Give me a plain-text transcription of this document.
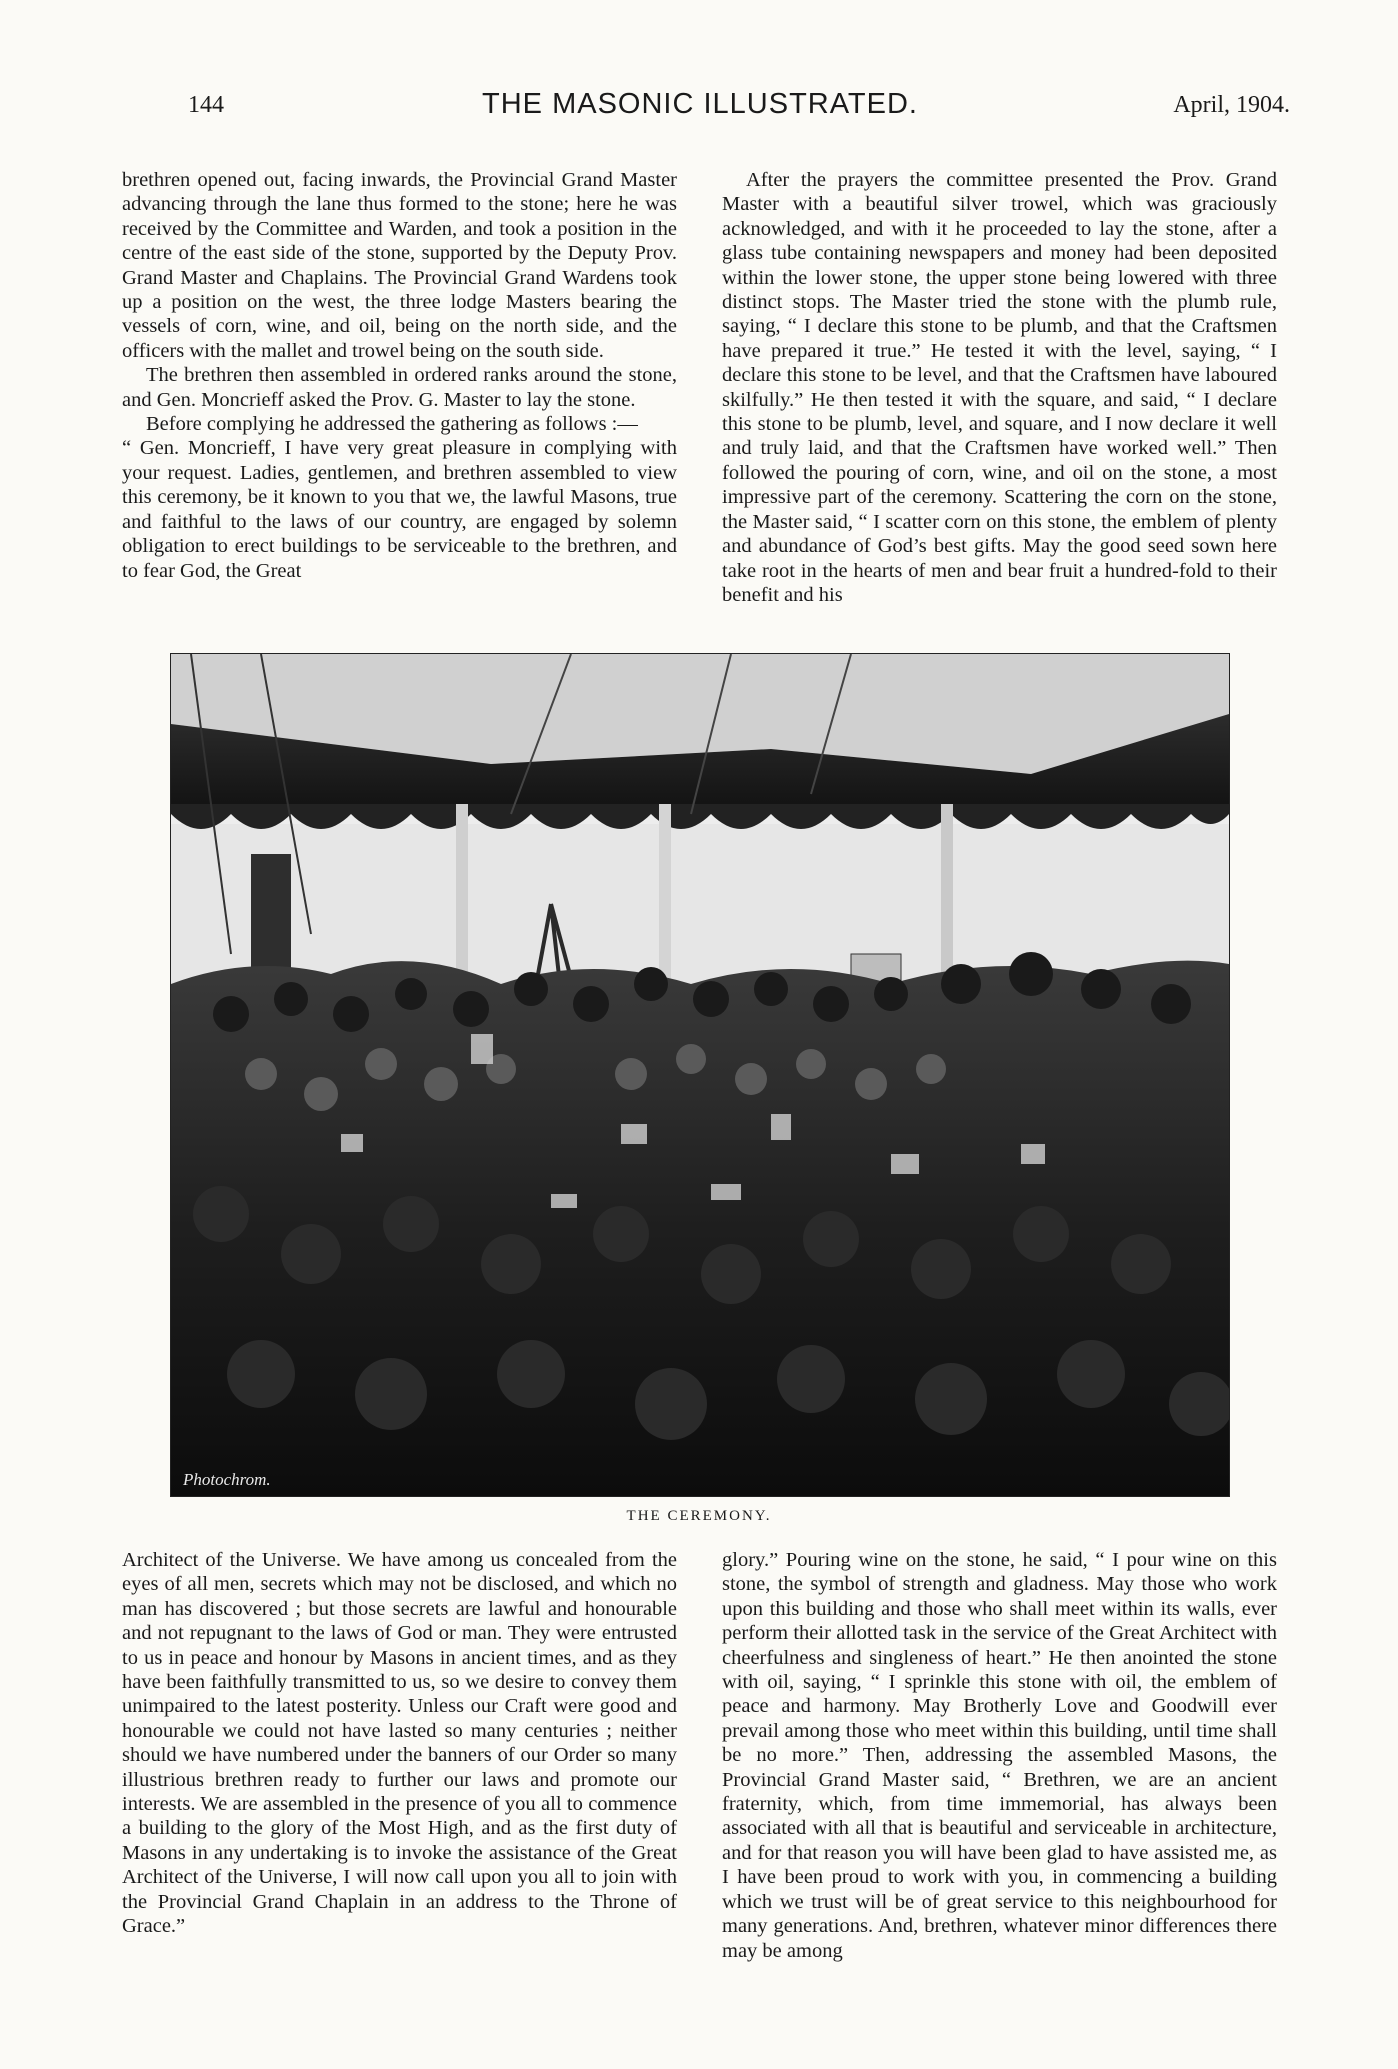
144	THE MASONIC ILLUSTRATED.	April, 1904.

brethren opened out, facing inwards, the Provincial Grand Master advancing through the lane thus formed to the stone; here he was received by the Committee and Warden, and took a position in the centre of the east side of the stone, supported by the Deputy Prov. Grand Master and Chaplains. The Provincial Grand Wardens took up a position on the west, the three lodge Masters bearing the vessels of corn, wine, and oil, being on the north side, and the officers with the mallet and trowel being on the south side.

The brethren then assembled in ordered ranks around the stone, and Gen. Moncrieff asked the Prov. G. Master to lay the stone.

Before complying he addressed the gathering as follows :—

“ Gen. Moncrieff, I have very great pleasure in complying with your request. Ladies, gentlemen, and brethren assembled to view this ceremony, be it known to you that we, the lawful Masons, true and faithful to the laws of our country, are engaged by solemn obligation to erect buildings to be serviceable to the brethren, and to fear God, the Great

After the prayers the committee presented the Prov. Grand Master with a beautiful silver trowel, which was graciously acknowledged, and with it he proceeded to lay the stone, after a glass tube containing newspapers and money had been deposited within the lower stone, the upper stone being lowered with three distinct stops. The Master tried the stone with the plumb rule, saying, “ I declare this stone to be plumb, and that the Craftsmen have prepared it true.” He tested it with the level, saying, “ I declare this stone to be level, and that the Craftsmen have laboured skilfully.” He then tested it with the square, and said, “ I declare this stone to be plumb, level, and square, and I now declare it well and truly laid, and that the Craftsmen have worked well.” Then followed the pouring of corn, wine, and oil on the stone, a most impressive part of the ceremony. Scattering the corn on the stone, the Master said, “ I scatter corn on this stone, the emblem of plenty and abundance of God’s best gifts. May the good seed sown here take root in the hearts of men and bear fruit a hundred-fold to their benefit and his

Photochrom.
THE CEREMONY.

Architect of the Universe. We have among us concealed from the eyes of all men, secrets which may not be disclosed, and which no man has discovered ; but those secrets are lawful and honourable and not repugnant to the laws of God or man. They were entrusted to us in peace and honour by Masons in ancient times, and as they have been faithfully transmitted to us, so we desire to convey them unimpaired to the latest posterity. Unless our Craft were good and honourable we could not have lasted so many centuries ; neither should we have numbered under the banners of our Order so many illustrious brethren ready to further our laws and promote our interests. We are assembled in the presence of you all to commence a building to the glory of the Most High, and as the first duty of Masons in any undertaking is to invoke the assistance of the Great Architect of the Universe, I will now call upon you all to join with the Provincial Grand Chaplain in an address to the Throne of Grace.”

glory.” Pouring wine on the stone, he said, “ I pour wine on this stone, the symbol of strength and gladness. May those who work upon this building and those who shall meet within its walls, ever perform their allotted task in the service of the Great Architect with cheerfulness and singleness of heart.” He then anointed the stone with oil, saying, “ I sprinkle this stone with oil, the emblem of peace and harmony. May Brotherly Love and Goodwill ever prevail among those who meet within this building, until time shall be no more.” Then, addressing the assembled Masons, the Provincial Grand Master said, “ Brethren, we are an ancient fraternity, which, from time immemorial, has always been associated with all that is beautiful and serviceable in architecture, and for that reason you will have been glad to have assisted me, as I have been proud to work with you, in commencing a building which we trust will be of great service to this neighbourhood for many generations. And, brethren, whatever minor differences there may be among
